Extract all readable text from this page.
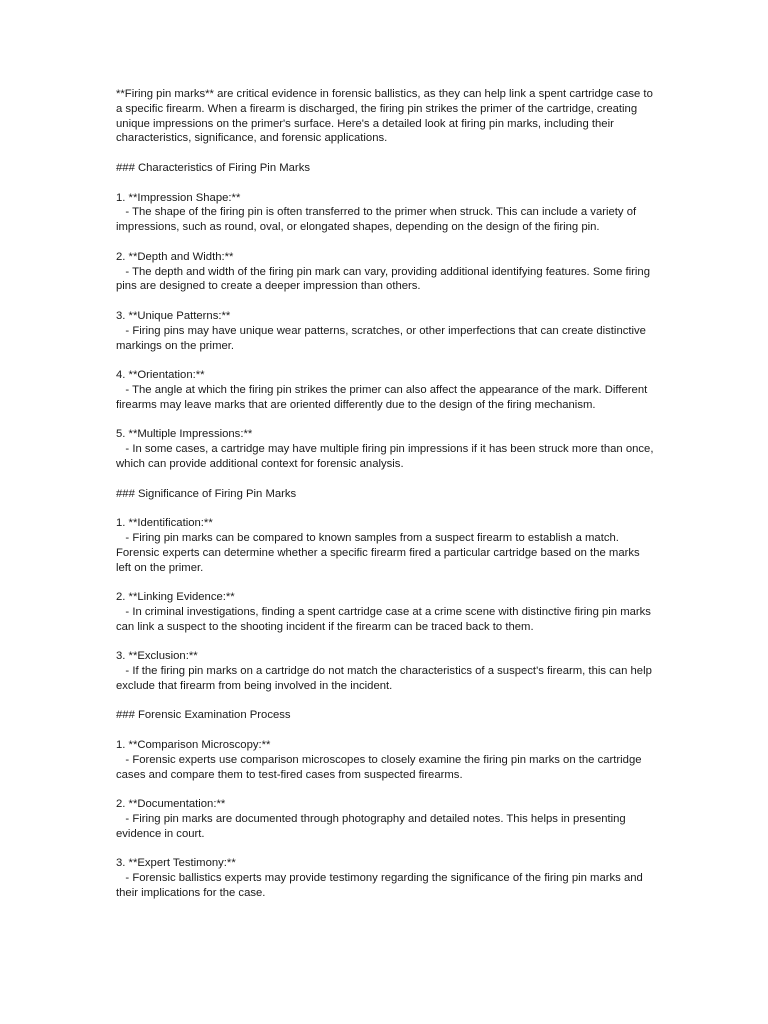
**Firing pin marks** are critical evidence in forensic ballistics, as they can help link a spent cartridge case to a specific firearm. When a firearm is discharged, the firing pin strikes the primer of the cartridge, creating unique impressions on the primer's surface. Here's a detailed look at firing pin marks, including their characteristics, significance, and forensic applications.
### Characteristics of Firing Pin Marks
1. **Impression Shape:**

- The shape of the firing pin is often transferred to the primer when struck. This can include a variety of impressions, such as round, oval, or elongated shapes, depending on the design of the firing pin.
2. **Depth and Width:**

- The depth and width of the firing pin mark can vary, providing additional identifying features. Some firing pins are designed to create a deeper impression than others.
3. **Unique Patterns:**

- Firing pins may have unique wear patterns, scratches, or other imperfections that can create distinctive markings on the primer.
4. **Orientation:**

- The angle at which the firing pin strikes the primer can also affect the appearance of the mark. Different firearms may leave marks that are oriented differently due to the design of the firing mechanism.
5. **Multiple Impressions:**

- In some cases, a cartridge may have multiple firing pin impressions if it has been struck more than once, which can provide additional context for forensic analysis.
### Significance of Firing Pin Marks
1. **Identification:**

- Firing pin marks can be compared to known samples from a suspect firearm to establish a match. Forensic experts can determine whether a specific firearm fired a particular cartridge based on the marks left on the primer.
2. **Linking Evidence:**

- In criminal investigations, finding a spent cartridge case at a crime scene with distinctive firing pin marks can link a suspect to the shooting incident if the firearm can be traced back to them.
3. **Exclusion:**

- If the firing pin marks on a cartridge do not match the characteristics of a suspect's firearm, this can help exclude that firearm from being involved in the incident.
### Forensic Examination Process
1. **Comparison Microscopy:**

- Forensic experts use comparison microscopes to closely examine the firing pin marks on the cartridge cases and compare them to test-fired cases from suspected firearms.
2. **Documentation:**

- Firing pin marks are documented through photography and detailed notes. This helps in presenting evidence in court.
3. **Expert Testimony:**

- Forensic ballistics experts may provide testimony regarding the significance of the firing pin marks and their implications for the case.
